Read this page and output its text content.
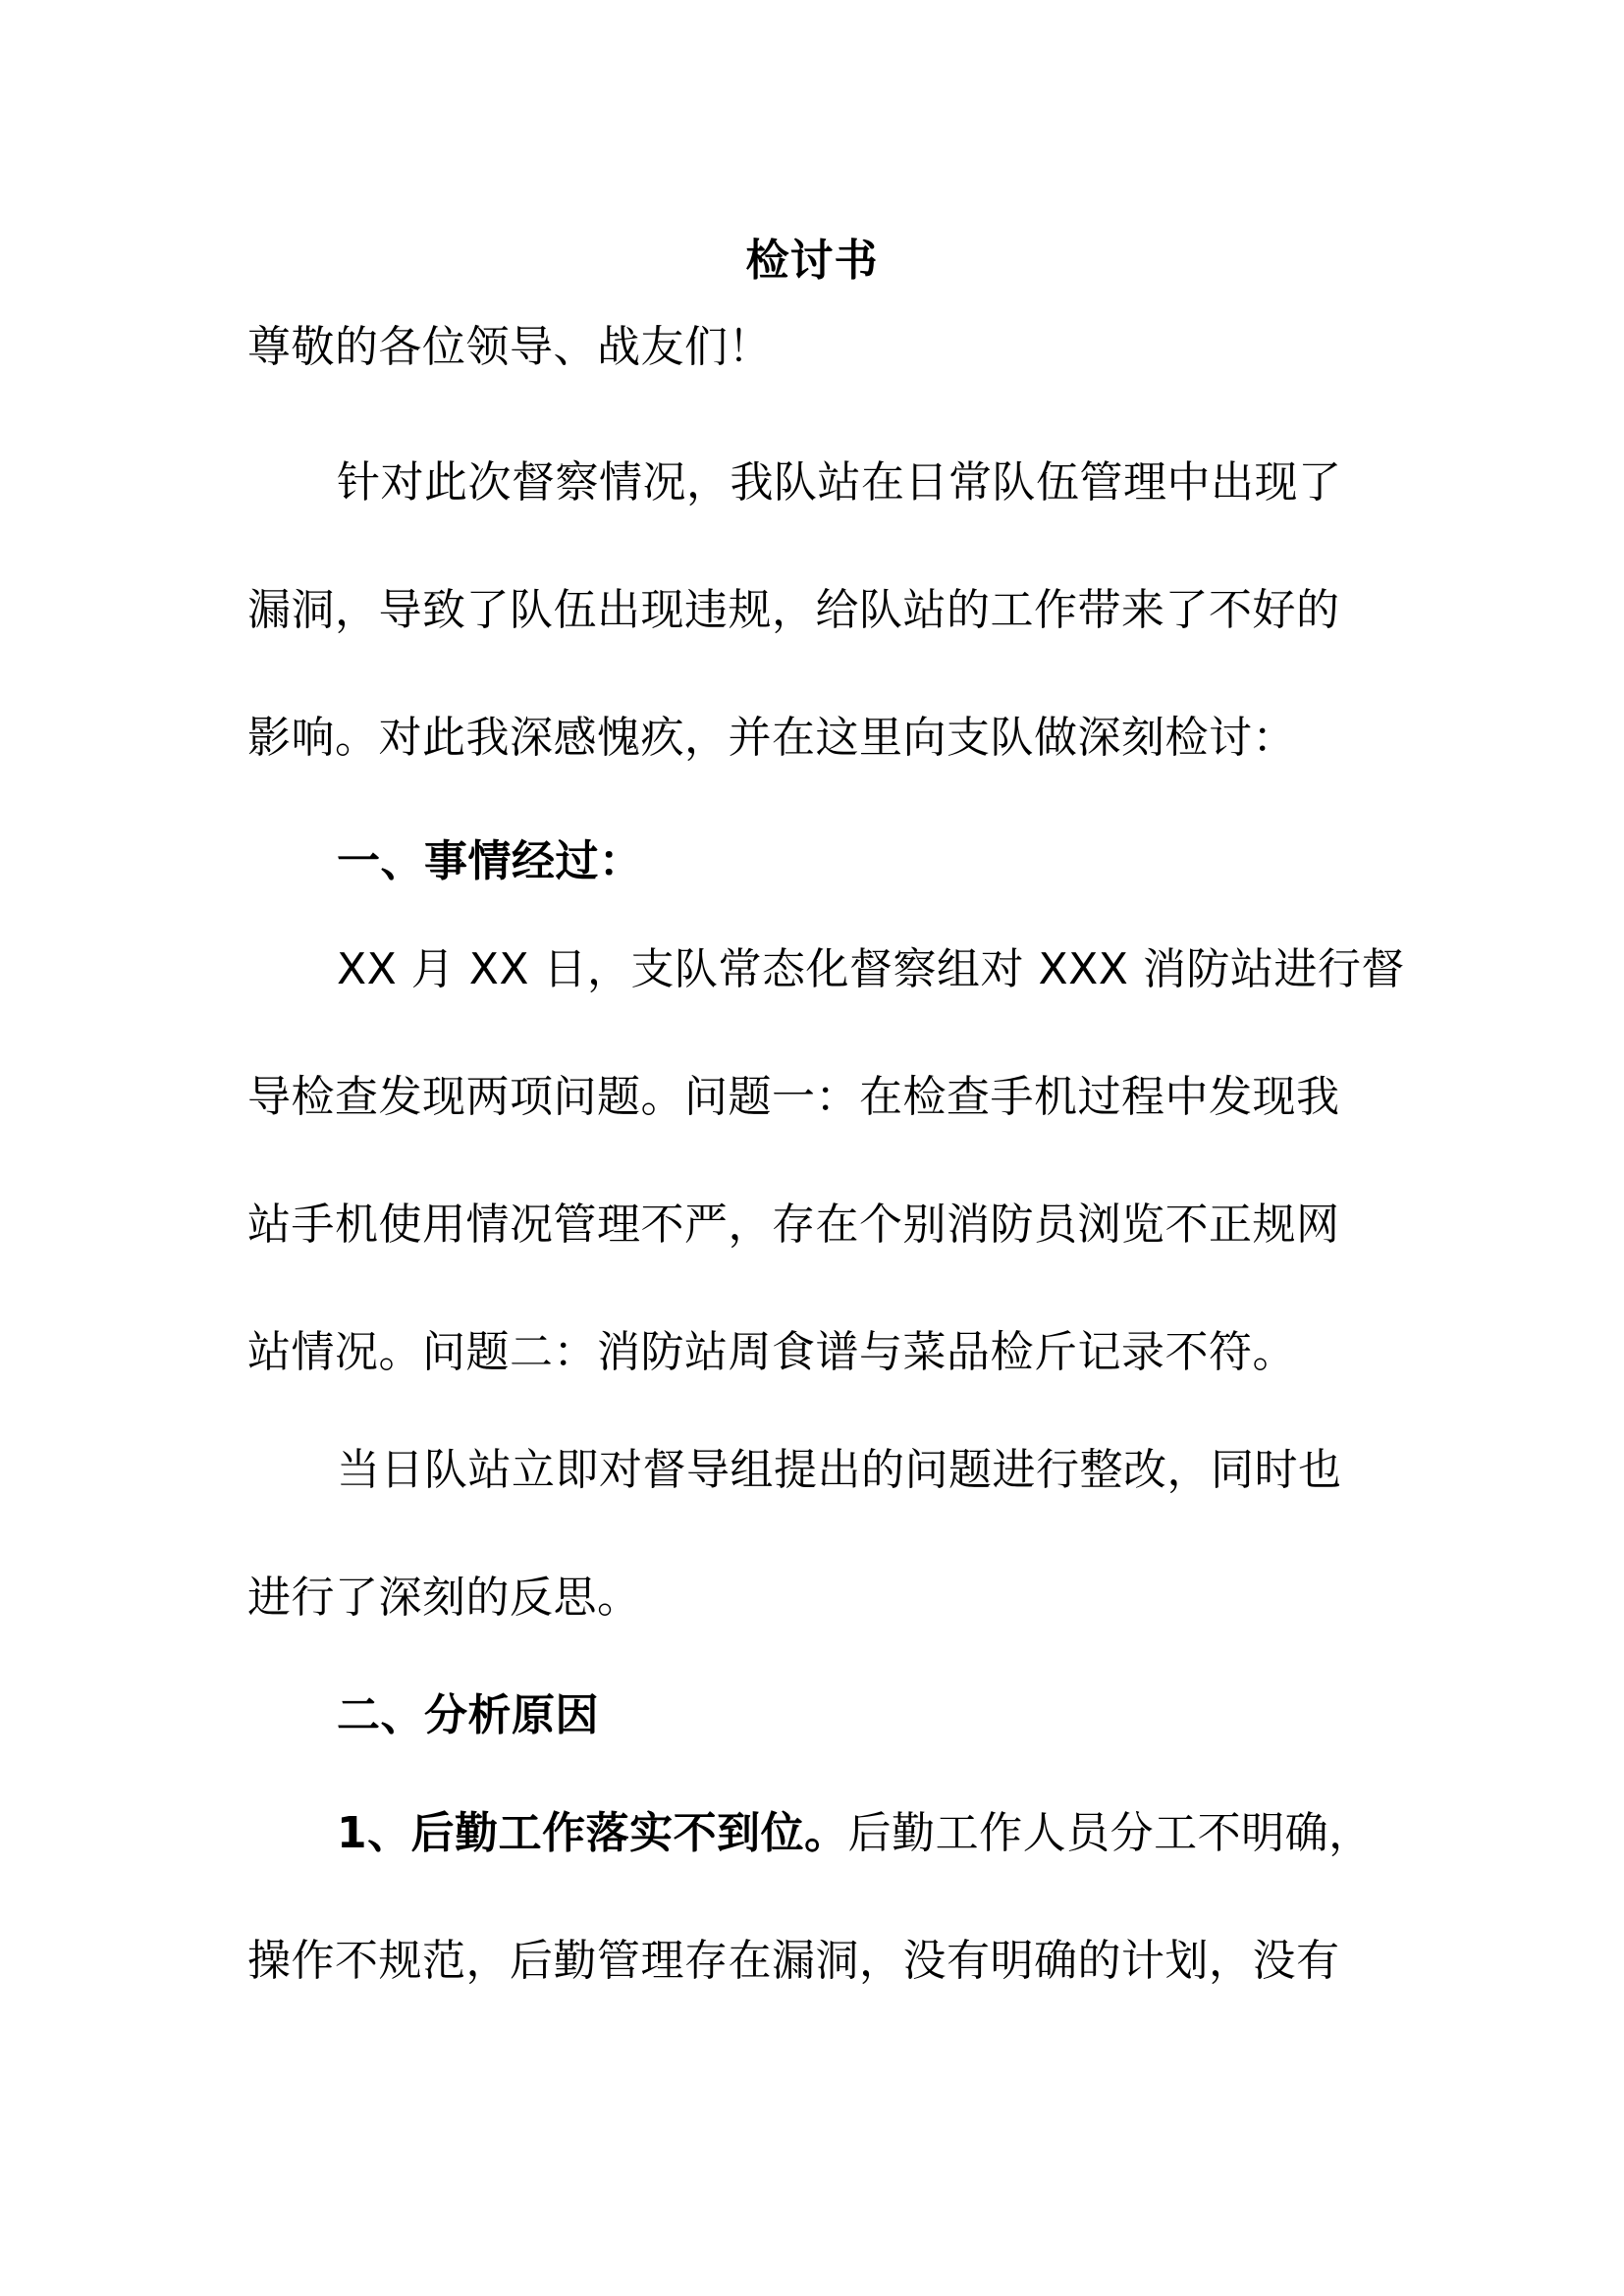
检讨书
尊敬的各位领导、战友们！
针对此次督察情况，我队站在日常队伍管理中出现了
漏洞，导致了队伍出现违规，给队站的工作带来了不好的
影响。对此我深感愧疚，并在这里向支队做深刻检讨：
一、事情经过：
XX 月 XX 日，支队常态化督察组对 XXX 消防站进行督
导检查发现两项问题。问题一：在检查手机过程中发现我
站手机使用情况管理不严，存在个别消防员浏览不正规网
站情况。问题二：消防站周食谱与菜品检斤记录不符。
当日队站立即对督导组提出的问题进行整改，同时也
进行了深刻的反思。
二、分析原因
1、后勤工作落实不到位。后勤工作人员分工不明确，
操作不规范，后勤管理存在漏洞，没有明确的计划，没有
